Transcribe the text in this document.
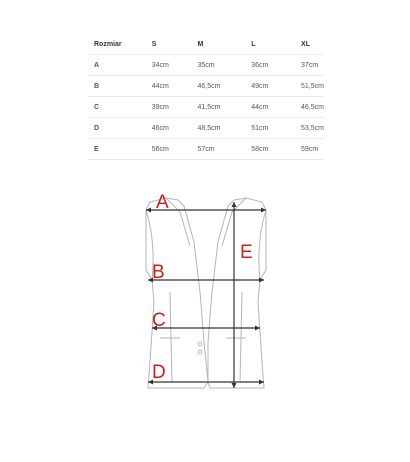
Rozmiar	S	M	L	XL
A	34cm	35cm	36cm	37cm
B	44cm	46,5cm	49cm	51,5cm
C	39cm	41,5cm	44cm	46,5cm
D	46cm	48,5cm	51cm	53,5cm
E	56cm	57cm	58cm	59cm
A
B
C
D
E
